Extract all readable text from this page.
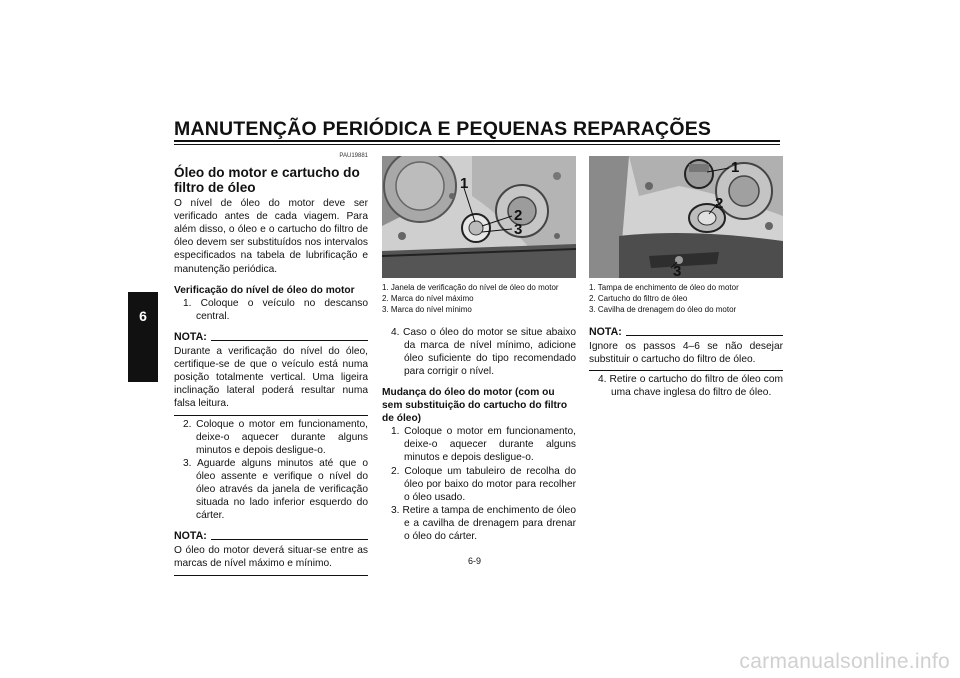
MANUTENÇÃO PERIÓDICA E PEQUENAS REPARAÇÕES
6
PAU19881
Óleo do motor e cartucho do filtro de óleo
O nível de óleo do motor deve ser verificado antes de cada viagem. Para além disso, o óleo e o cartucho do filtro de óleo devem ser substituídos nos intervalos especificados na tabela de lubrificação e manutenção periódica.
Verificação do nível de óleo do motor
1. Coloque o veículo no descanso central.
NOTA:
Durante a verificação do nível do óleo, certifique-se de que o veículo está numa posição totalmente vertical. Uma ligeira inclinação lateral poderá resultar numa falsa leitura.
2. Coloque o motor em funcionamento, deixe-o aquecer durante alguns minutos e depois desligue-o.
3. Aguarde alguns minutos até que o óleo assente e verifique o nível do óleo através da janela de verificação situada no lado inferior esquerdo do cárter.
NOTA:
O óleo do motor deverá situar-se entre as marcas de nível máximo e mínimo.
1
2
3
1. Janela de verificação do nível de óleo do motor
2. Marca do nível máximo
3. Marca do nível mínimo
4. Caso o óleo do motor se situe abaixo da marca de nível mínimo, adicione óleo suficiente do tipo recomendado para corrigir o nível.
Mudança do óleo do motor (com ou sem substituição do cartucho do filtro de óleo)
1. Coloque o motor em funcionamento, deixe-o aquecer durante alguns minutos e depois desligue-o.
2. Coloque um tabuleiro de recolha do óleo por baixo do motor para recolher o óleo usado.
3. Retire a tampa de enchimento de óleo e a cavilha de drenagem para drenar o óleo do cárter.
1
2
3
1. Tampa de enchimento de óleo do motor
2. Cartucho do filtro de óleo
3. Cavilha de drenagem do óleo do motor
NOTA:
Ignore os passos 4–6 se não desejar substituir o cartucho do filtro de óleo.
4. Retire o cartucho do filtro de óleo com uma chave inglesa do filtro de óleo.
6-9
carmanualsonline.info
